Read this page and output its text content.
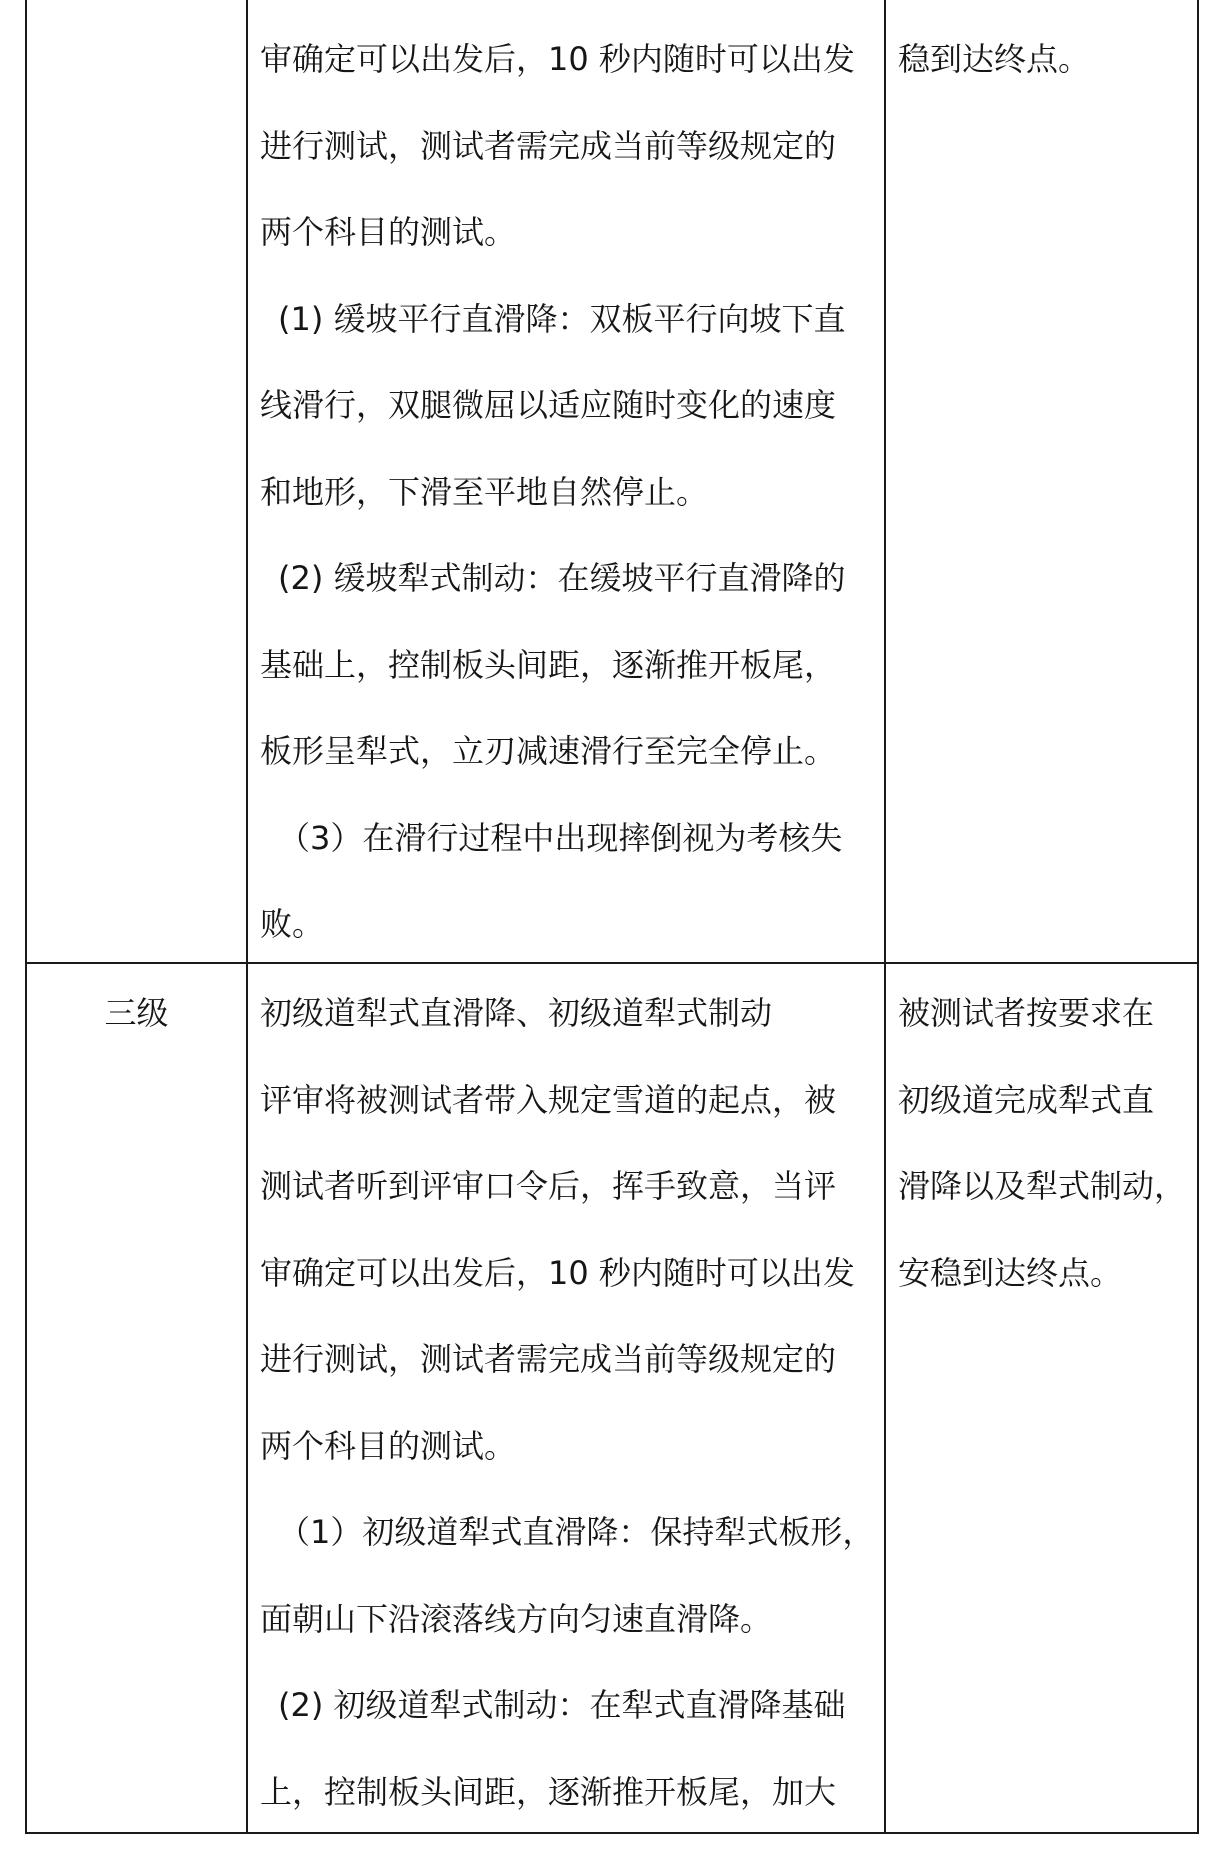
审确定可以出发后，10 秒内随时可以出发
进行测试，测试者需完成当前等级规定的
两个科目的测试。
(1) 缓坡平行直滑降：双板平行向坡下直
线滑行，双腿微屈以适应随时变化的速度
和地形，下滑至平地自然停止。
(2) 缓坡犁式制动：在缓坡平行直滑降的
基础上，控制板头间距，逐渐推开板尾，
板形呈犁式，立刃减速滑行至完全停止。
（3）在滑行过程中出现摔倒视为考核失
败。
稳到达终点。
三级	初级道犁式直滑降、初级道犁式制动
评审将被测试者带入规定雪道的起点，被
测试者听到评审口令后，挥手致意，当评
审确定可以出发后，10 秒内随时可以出发
进行测试，测试者需完成当前等级规定的
两个科目的测试。
（1）初级道犁式直滑降：保持犁式板形，
面朝山下沿滚落线方向匀速直滑降。
(2) 初级道犁式制动：在犁式直滑降基础
上，控制板头间距，逐渐推开板尾，加大
被测试者按要求在
初级道完成犁式直
滑降以及犁式制动，
安稳到达终点。
